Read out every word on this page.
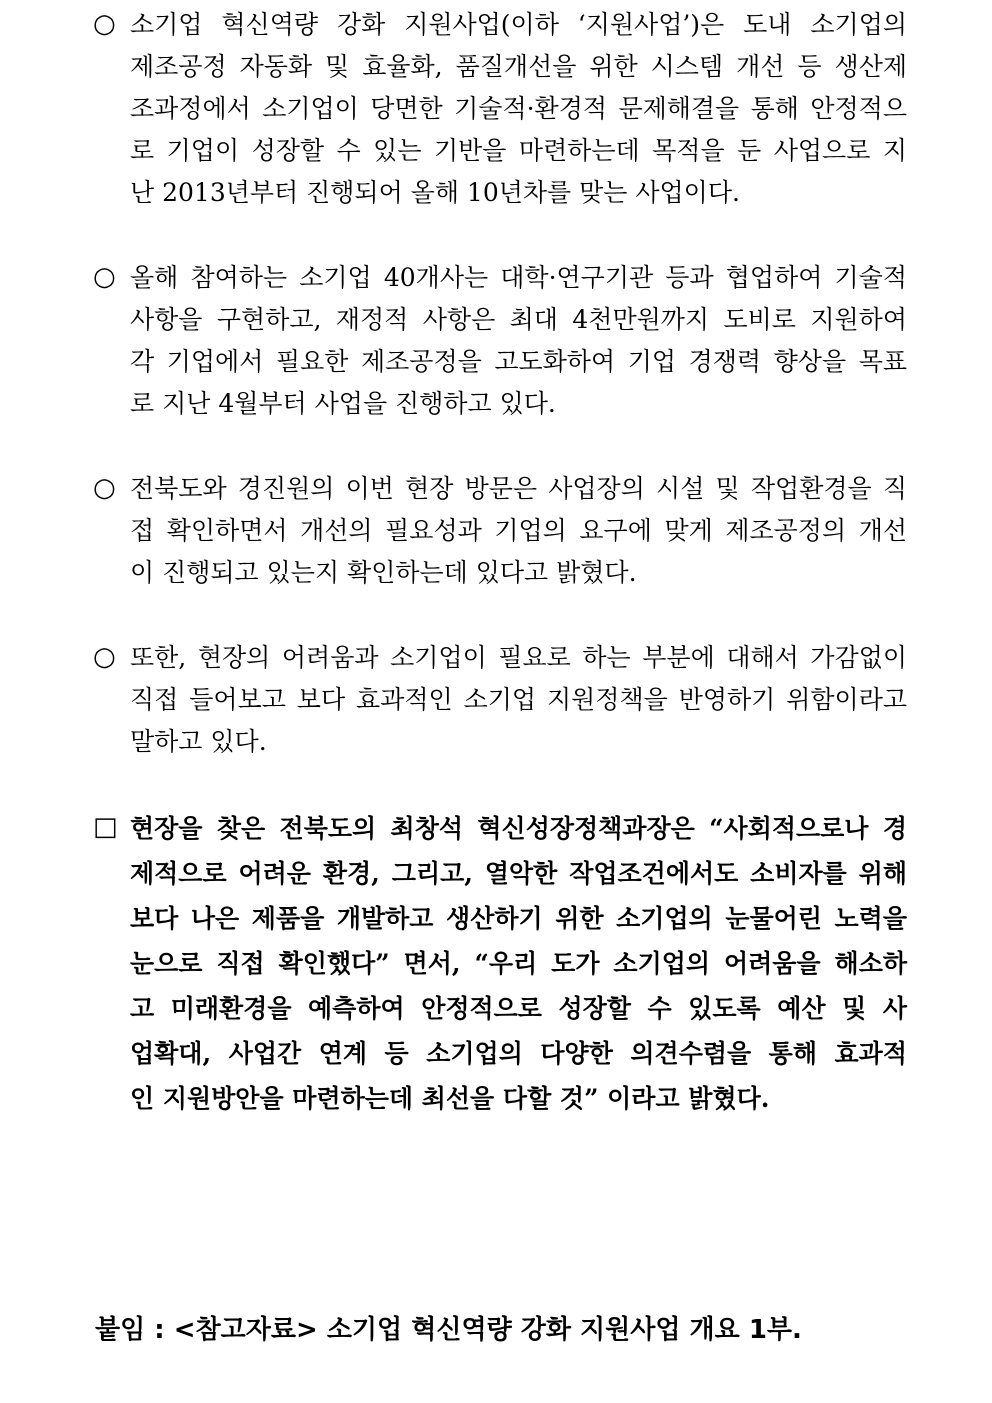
○ 소기업 혁신역량 강화 지원사업(이하 ‘지원사업’)은 도내 소기업의
제조공정 자동화 및 효율화, 품질개선을 위한 시스템 개선 등 생산제
조과정에서 소기업이 당면한 기술적·환경적 문제해결을 통해 안정적으
로 기업이 성장할 수 있는 기반을 마련하는데 목적을 둔 사업으로 지
난 2013년부터 진행되어 올해 10년차를 맞는 사업이다.
○ 올해 참여하는 소기업 40개사는 대학·연구기관 등과 협업하여 기술적
사항을 구현하고, 재정적 사항은 최대 4천만원까지 도비로 지원하여
각 기업에서 필요한 제조공정을 고도화하여 기업 경쟁력 향상을 목표
로 지난 4월부터 사업을 진행하고 있다.
○ 전북도와 경진원의 이번 현장 방문은 사업장의 시설 및 작업환경을 직
접 확인하면서 개선의 필요성과 기업의 요구에 맞게 제조공정의 개선
이 진행되고 있는지 확인하는데 있다고 밝혔다.
○ 또한, 현장의 어려움과 소기업이 필요로 하는 부분에 대해서 가감없이
직접 들어보고 보다 효과적인 소기업 지원정책을 반영하기 위함이라고
말하고 있다.
□ 현장을 찾은 전북도의 최창석 혁신성장정책과장은 “사회적으로나 경
제적으로 어려운 환경, 그리고, 열악한 작업조건에서도 소비자를 위해
보다 나은 제품을 개발하고 생산하기 위한 소기업의 눈물어린 노력을
눈으로 직접 확인했다” 면서, “우리 도가 소기업의 어려움을 해소하
고 미래환경을 예측하여 안정적으로 성장할 수 있도록 예산 및 사
업확대, 사업간 연계 등 소기업의 다양한 의견수렴을 통해 효과적
인 지원방안을 마련하는데 최선을 다할 것” 이라고 밝혔다.

붙임 : <참고자료> 소기업 혁신역량 강화 지원사업 개요 1부.
